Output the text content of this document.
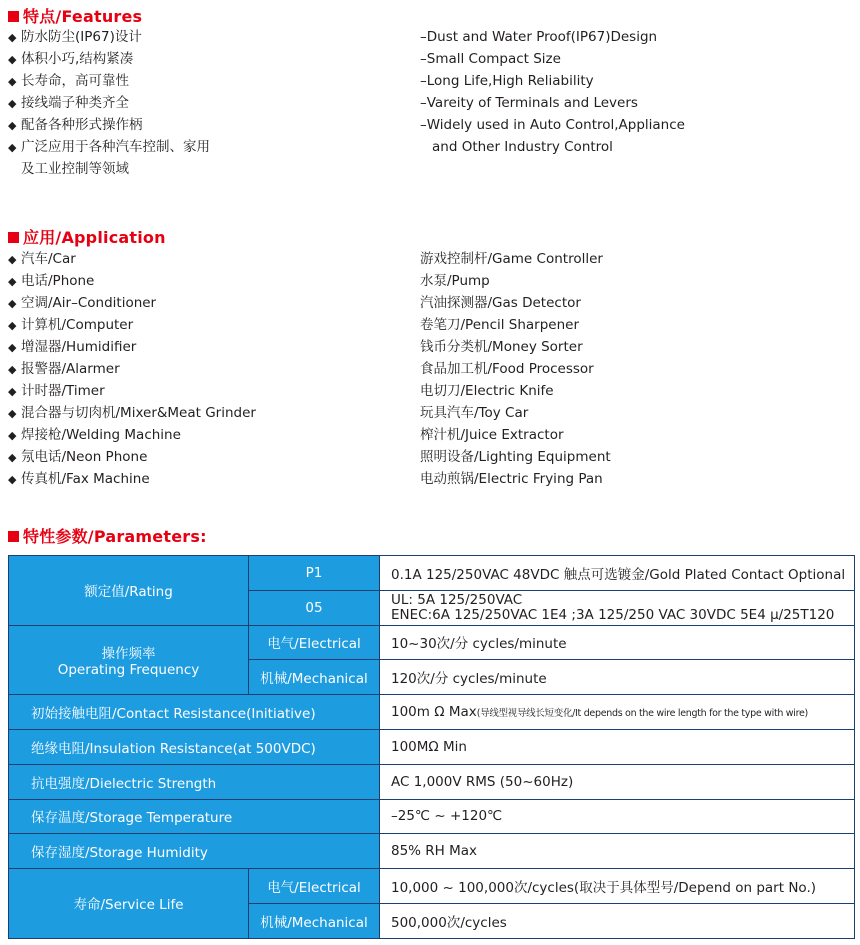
特点/Features
◆ 防水防尘(IP67)设计
◆ 体积小巧,结构紧凑
◆ 长寿命，高可靠性
◆ 接线端子种类齐全
◆ 配备各种形式操作柄
◆ 广泛应用于各种汽车控制、家用
及工业控制等领域
–Dust and Water Proof(IP67)Design
–Small Compact Size
–Long Life,High Reliability
–Vareity of Terminals and Levers
–Widely used in Auto Control,Appliance
and Other Industry Control
应用/Application
◆ 汽车/Car
◆ 电话/Phone
◆ 空调/Air–Conditioner
◆ 计算机/Computer
◆ 增湿器/Humidifier
◆ 报警器/Alarmer
◆ 计时器/Timer
◆ 混合器与切肉机/Mixer&Meat Grinder
◆ 焊接枪/Welding Machine
◆ 氖电话/Neon Phone
◆ 传真机/Fax Machine
游戏控制杆/Game Controller
水泵/Pump
汽油探测器/Gas Detector
卷笔刀/Pencil Sharpener
钱币分类机/Money Sorter
食品加工机/Food Processor
电切刀/Electric Knife
玩具汽车/Toy Car
榨汁机/Juice Extractor
照明设备/Lighting Equipment
电动煎锅/Electric Frying Pan
特性参数/Parameters:
额定值/Rating	P1	0.1A 125/250VAC 48VDC 触点可选镀金/Gold Plated Contact Optional
	05	UL: 5A 125/250VAC
ENEC:6A 125/250VAC 1E4 ;3A 125/250 VAC 30VDC 5E4 µ/25T120

操作频率
Operating Frequency	电气/Electrical	10~30次/分 cycles/minute
	机械/Mechanical	120次/分 cycles/minute
初始接触电阻/Contact Resistance(Initiative)		100m Ω Max(导线型视导线长短变化/It depends on the wire length for the type with wire)
绝缘电阻/Insulation Resistance(at 500VDC)		100MΩ Min
抗电强度/Dielectric Strength		AC 1,000V RMS (50~60Hz)
保存温度/Storage Temperature		–25℃ ~ +120℃
保存湿度/Storage Humidity		85% RH Max
寿命/Service Life	电气/Electrical	10,000 ~ 100,000次/cycles(取决于具体型号/Depend on part No.)
	机械/Mechanical	500,000次/cycles
